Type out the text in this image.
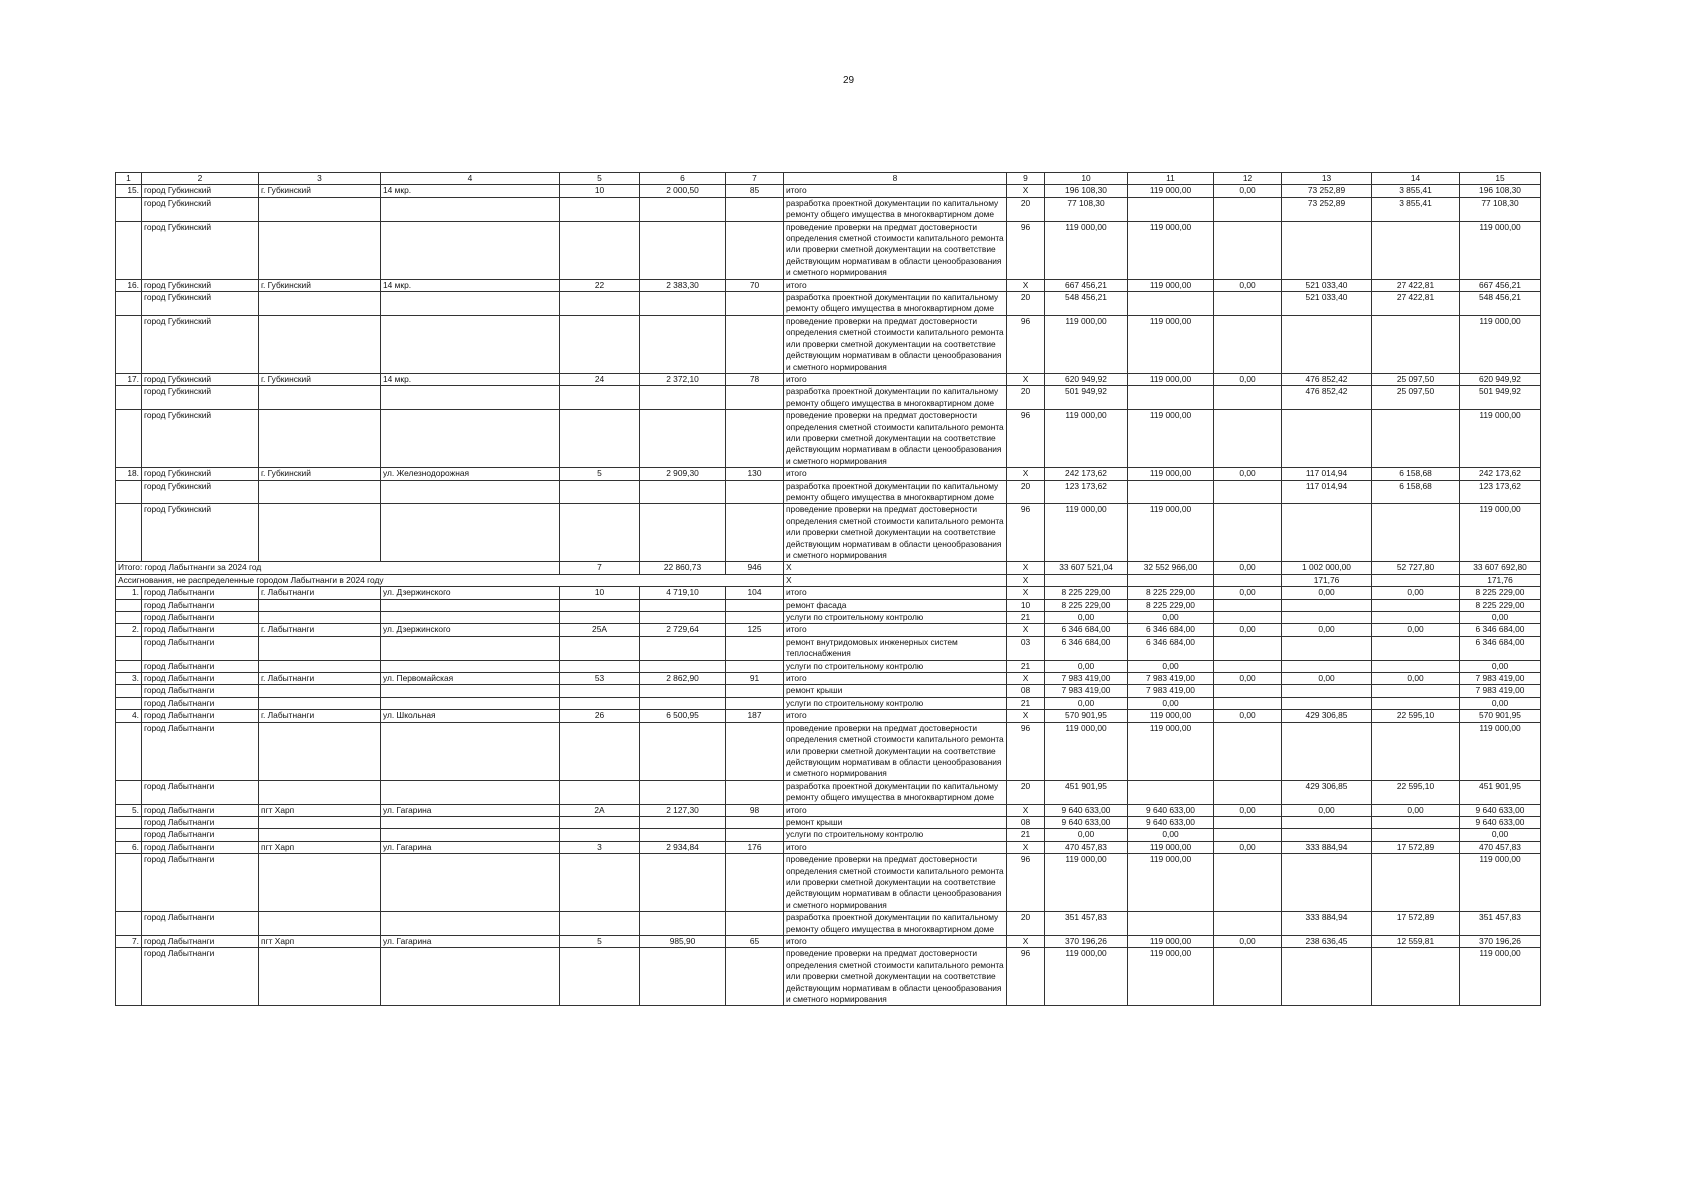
29
1	2	3	4	5	6	7	8	9	10	11	12	13	14	15
15.	город Губкинский	г. Губкинский	14 мкр.	10	2 000,50	85	итого	X	196 108,30	119 000,00	0,00	73 252,89	3 855,41	196 108,30
	город Губкинский						разработка проектной документации по капитальному ремонту общего имущества в многоквартирном доме	20	77 108,30			73 252,89	3 855,41	77 108,30
	город Губкинский						проведение проверки на предмат достоверности определения сметной стоимости капитального ремонта или проверки сметной документации на соответствие действующим нормативам в области ценообразования и сметного нормирования	96	119 000,00	119 000,00				119 000,00
16.	город Губкинский	г. Губкинский	14 мкр.	22	2 383,30	70	итого	X	667 456,21	119 000,00	0,00	521 033,40	27 422,81	667 456,21
	город Губкинский						разработка проектной документации по капитальному ремонту общего имущества в многоквартирном доме	20	548 456,21			521 033,40	27 422,81	548 456,21
	город Губкинский						проведение проверки на предмат достоверности определения сметной стоимости капитального ремонта или проверки сметной документации на соответствие действующим нормативам в области ценообразования и сметного нормирования	96	119 000,00	119 000,00				119 000,00
17.	город Губкинский	г. Губкинский	14 мкр.	24	2 372,10	78	итого	X	620 949,92	119 000,00	0,00	476 852,42	25 097,50	620 949,92
	город Губкинский						разработка проектной документации по капитальному ремонту общего имущества в многоквартирном доме	20	501 949,92			476 852,42	25 097,50	501 949,92
	город Губкинский						проведение проверки на предмат достоверности определения сметной стоимости капитального ремонта или проверки сметной документации на соответствие действующим нормативам в области ценообразования и сметного нормирования	96	119 000,00	119 000,00				119 000,00
18.	город Губкинский	г. Губкинский	ул. Железнодорожная	5	2 909,30	130	итого	X	242 173,62	119 000,00	0,00	117 014,94	6 158,68	242 173,62
	город Губкинский						разработка проектной документации по капитальному ремонту общего имущества в многоквартирном доме	20	123 173,62			117 014,94	6 158,68	123 173,62
	город Губкинский						проведение проверки на предмат достоверности определения сметной стоимости капитального ремонта или проверки сметной документации на соответствие действующим нормативам в области ценообразования и сметного нормирования	96	119 000,00	119 000,00				119 000,00
Итого: город Лабытнанги за 2024 год				7	22 860,73	946	X	X	33 607 521,04	32 552 966,00	0,00	1 002 000,00	52 727,80	33 607 692,80
Ассигнования, не распределенные городом Лабытнанги в 2024 году							X	X				171,76		171,76
1.	город Лабытнанги	г. Лабытнанги	ул. Дзержинского	10	4 719,10	104	итого	X	8 225 229,00	8 225 229,00	0,00	0,00	0,00	8 225 229,00
	город Лабытнанги						ремонт фасада	10	8 225 229,00	8 225 229,00				8 225 229,00
	город Лабытнанги						услуги по строительному контролю	21	0,00	0,00				0,00
2.	город Лабытнанги	г. Лабытнанги	ул. Дзержинского	25А	2 729,64	125	итого	X	6 346 684,00	6 346 684,00	0,00	0,00	0,00	6 346 684,00
	город Лабытнанги						ремонт внутридомовых инженерных систем теплоснабжения	03	6 346 684,00	6 346 684,00				6 346 684,00
	город Лабытнанги						услуги по строительному контролю	21	0,00	0,00				0,00
3.	город Лабытнанги	г. Лабытнанги	ул. Первомайская	53	2 862,90	91	итого	X	7 983 419,00	7 983 419,00	0,00	0,00	0,00	7 983 419,00
	город Лабытнанги						ремонт крыши	08	7 983 419,00	7 983 419,00				7 983 419,00
	город Лабытнанги						услуги по строительному контролю	21	0,00	0,00				0,00
4.	город Лабытнанги	г. Лабытнанги	ул. Школьная	26	6 500,95	187	итого	X	570 901,95	119 000,00	0,00	429 306,85	22 595,10	570 901,95
	город Лабытнанги						проведение проверки на предмат достоверности определения сметной стоимости капитального ремонта или проверки сметной документации на соответствие действующим нормативам в области ценообразования и сметного нормирования	96	119 000,00	119 000,00				119 000,00
	город Лабытнанги						разработка проектной документации по капитальному ремонту общего имущества в многоквартирном доме	20	451 901,95			429 306,85	22 595,10	451 901,95
5.	город Лабытнанги	пгт Харп	ул. Гагарина	2А	2 127,30	98	итого	X	9 640 633,00	9 640 633,00	0,00	0,00	0,00	9 640 633,00
	город Лабытнанги						ремонт крыши	08	9 640 633,00	9 640 633,00				9 640 633,00
	город Лабытнанги						услуги по строительному контролю	21	0,00	0,00				0,00
6.	город Лабытнанги	пгт Харп	ул. Гагарина	3	2 934,84	176	итого	X	470 457,83	119 000,00	0,00	333 884,94	17 572,89	470 457,83
	город Лабытнанги						проведение проверки на предмат достоверности определения сметной стоимости капитального ремонта или проверки сметной документации на соответствие действующим нормативам в области ценообразования и сметного нормирования	96	119 000,00	119 000,00				119 000,00
	город Лабытнанги						разработка проектной документации по капитальному ремонту общего имущества в многоквартирном доме	20	351 457,83			333 884,94	17 572,89	351 457,83
7.	город Лабытнанги	пгт Харп	ул. Гагарина	5	985,90	65	итого	X	370 196,26	119 000,00	0,00	238 636,45	12 559,81	370 196,26
	город Лабытнанги						проведение проверки на предмат достоверности определения сметной стоимости капитального ремонта или проверки сметной документации на соответствие действующим нормативам в области ценообразования и сметного нормирования	96	119 000,00	119 000,00				119 000,00
